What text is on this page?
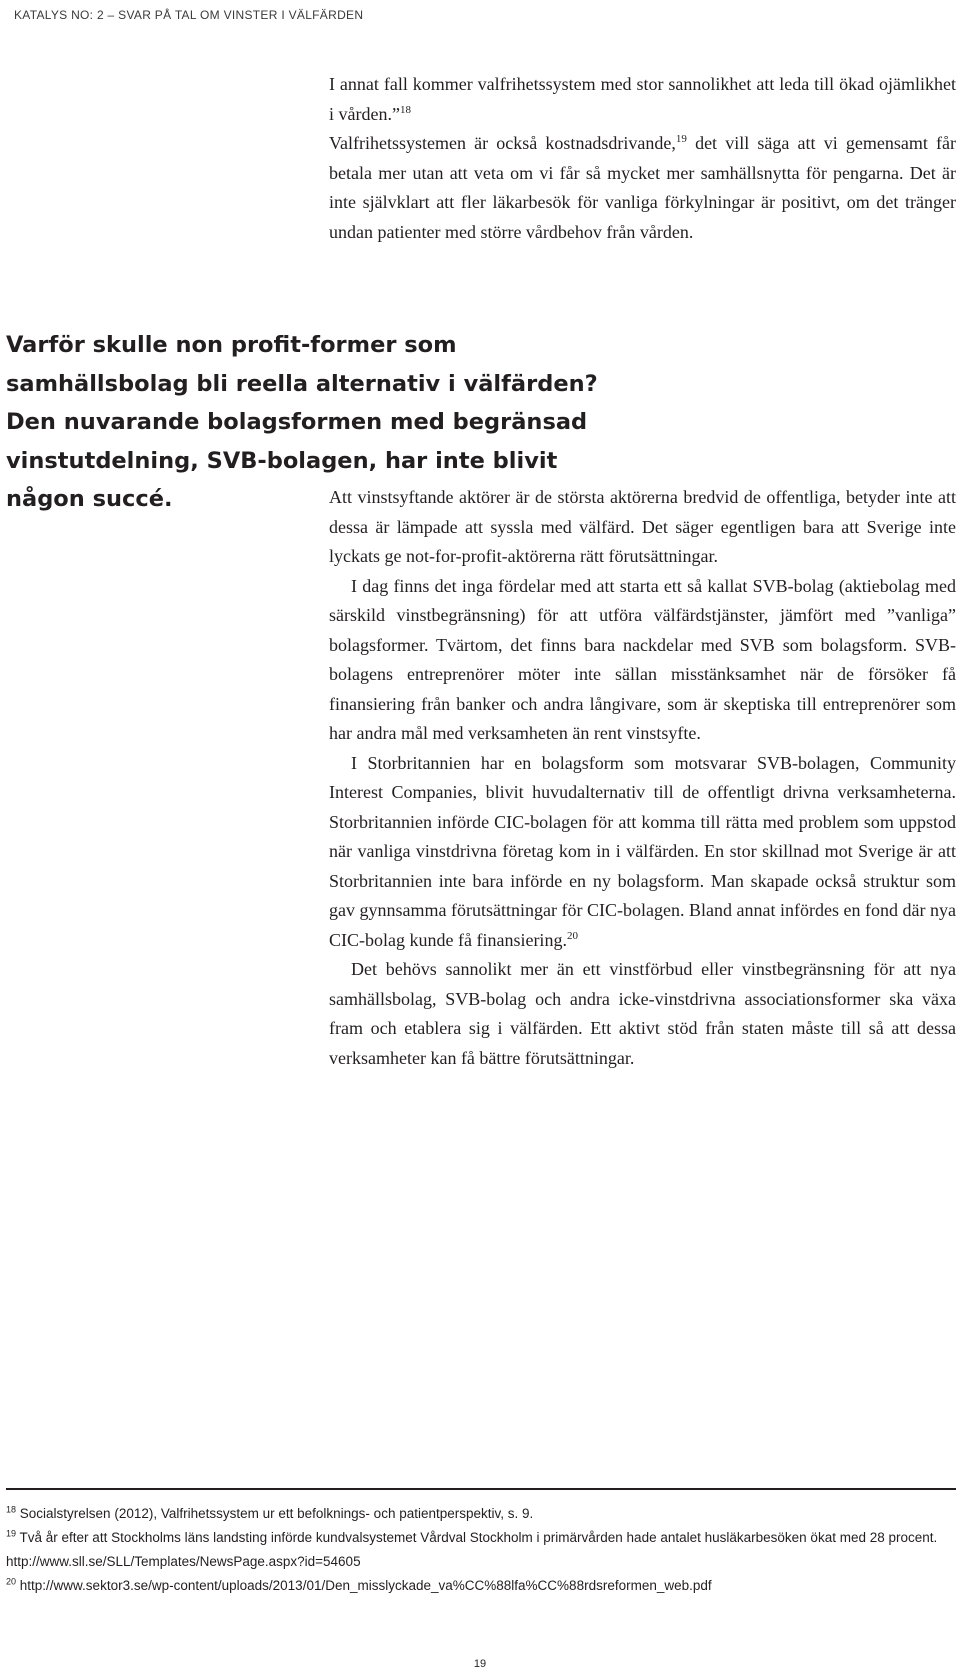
KATALYS NO: 2 – SVAR PÅ TAL OM VINSTER I VÄLFÄRDEN

I annat fall kommer valfrihetssystem med stor sannolikhet att leda till ökad ojämlikhet i vården.”$^{18}$

Valfrihetssystemen är också kostnadsdrivande,$^{19}$ det vill säga att vi gemensamt får betala mer utan att veta om vi får så mycket mer samhällsnytta för pengarna. Det är inte självklart att fler läkarbesök för vanliga förkylningar är positivt, om det tränger undan patienter med större vårdbehov från vården.

Varför skulle non profit-former som samhällsbolag bli reella alternativ i välfärden? Den nuvarande bolagsformen med begränsad vinstutdelning, SVB-bolagen, har inte blivit någon succé.	Att vinstsyftande aktörer är de största aktörerna bredvid de offentliga, betyder inte att dessa är lämpade att syssla med välfärd. Det säger egentligen bara att Sverige inte lyckats ge not-for-profit-aktörerna rätt förutsättningar.

I dag finns det inga fördelar med att starta ett så kallat SVB-bolag (aktiebolag med särskild vinstbegränsning) för att utföra välfärdstjänster, jämfört med ”vanliga” bolagsformer. Tvärtom, det finns bara nackdelar med SVB som bolagsform. SVB-bolagens entreprenörer möter inte sällan misstänksamhet när de försöker få finansiering från banker och andra långivare, som är skeptiska till entreprenörer som har andra mål med verksamheten än rent vinstsyfte.

I Storbritannien har en bolagsform som motsvarar SVB-bolagen, Community Interest Companies, blivit huvudalternativ till de offentligt drivna verksamheterna. Storbritannien införde CIC-bolagen för att komma till rätta med problem som uppstod när vanliga vinstdrivna företag kom in i välfärden. En stor skillnad mot Sverige är att Storbritannien inte bara införde en ny bolagsform. Man skapade också struktur som gav gynnsamma förutsättningar för CIC-bolagen. Bland annat infördes en fond där nya CIC-bolag kunde få finansiering.$^{20}$

Det behövs sannolikt mer än ett vinstförbud eller vinstbegränsning för att nya samhällsbolag, SVB-bolag och andra icke-vinstdrivna associationsformer ska växa fram och etablera sig i välfärden. Ett aktivt stöd från staten måste till så att dessa verksamheter kan få bättre förutsättningar.

$^{18}$ Socialstyrelsen (2012), Valfrihetssystem ur ett befolknings- och patientperspektiv, s. 9.

$^{19}$ Två år efter att Stockholms läns landsting införde kundvalsystemet Vårdval Stockholm i primärvården hade antalet husläkarbesöken ökat med 28 procent. http://www.sll.se/SLL/Templates/NewsPage.aspx?id=54605

$^{20}$ http://www.sektor3.se/wp-content/uploads/2013/01/Den_misslyckade_va%CC%88lfa%CC%88rdsreformen_web.pdf

19
